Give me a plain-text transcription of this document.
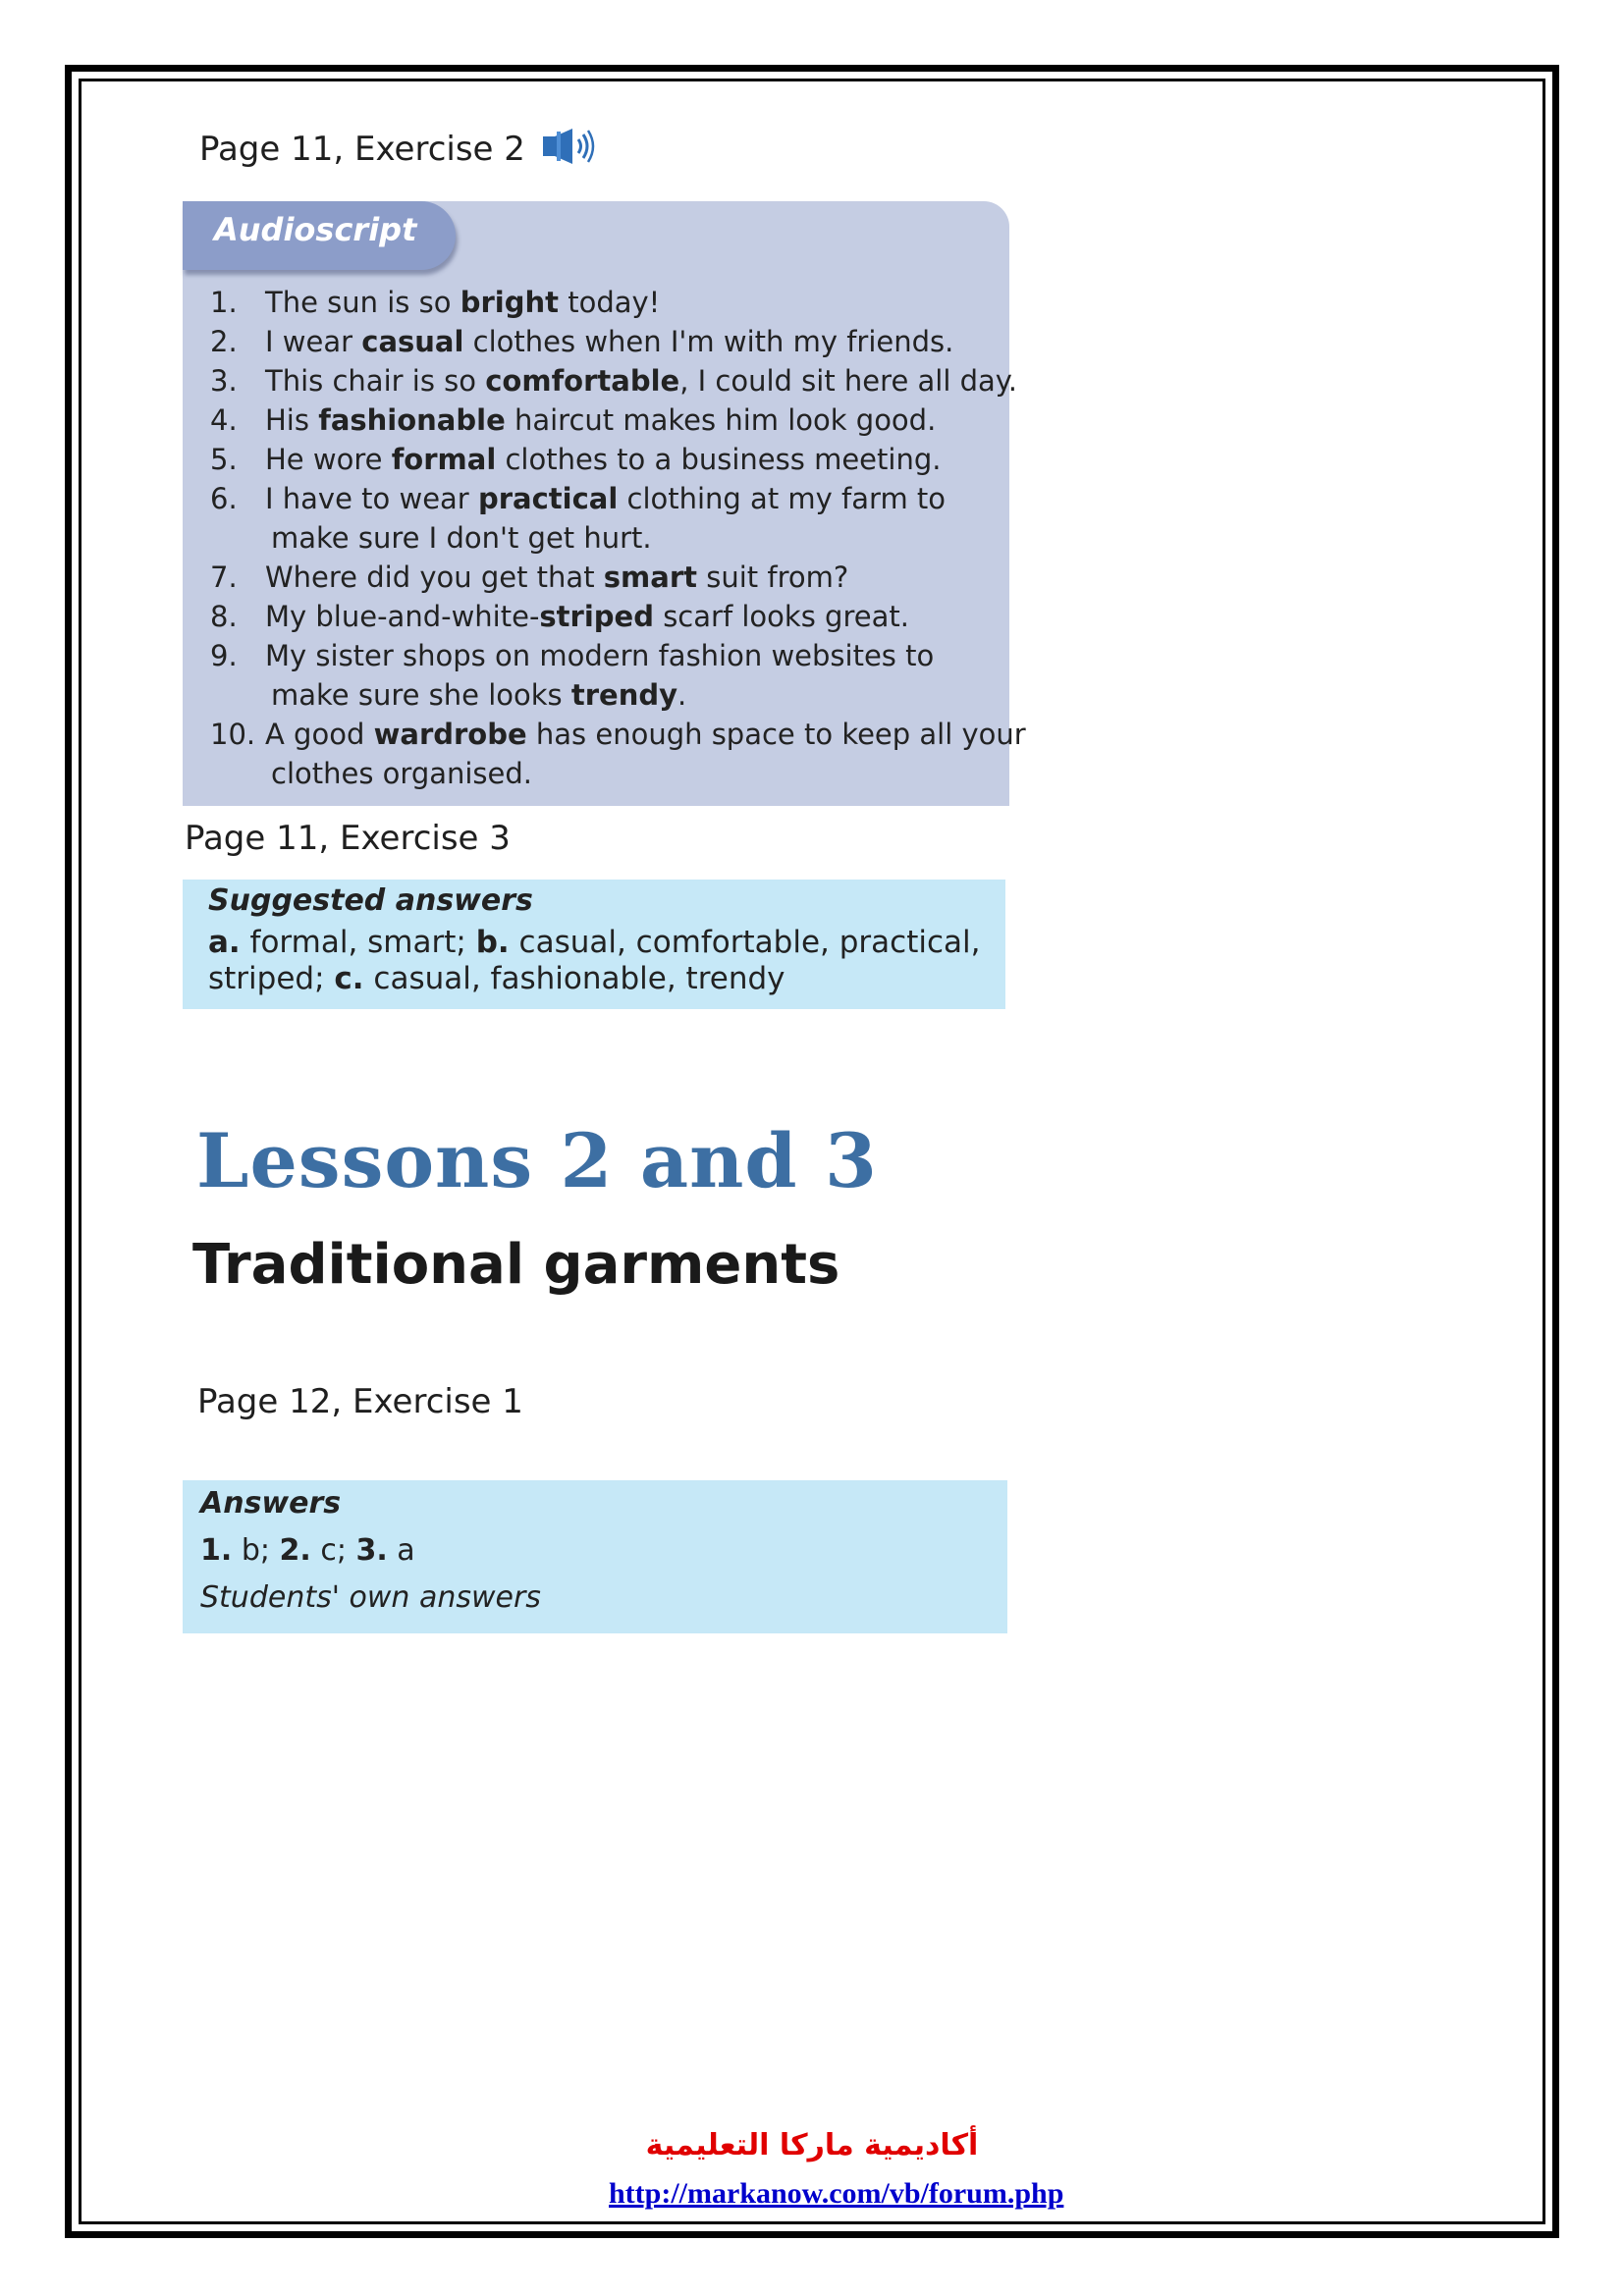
Page 11, Exercise 2
Audioscript
1. The sun is so bright today!
2. I wear casual clothes when I'm with my friends.
3. This chair is so comfortable, I could sit here all day.
4. His fashionable haircut makes him look good.
5. He wore formal clothes to a business meeting.
6. I have to wear practical clothing at my farm to
make sure I don't get hurt.
7. Where did you get that smart suit from?
8. My blue-and-white-striped scarf looks great.
9. My sister shops on modern fashion websites to
make sure she looks trendy.
10. A good wardrobe has enough space to keep all your
clothes organised.
Page 11, Exercise 3
Suggested answers
a. formal, smart; b. casual, comfortable, practical, striped; c. casual, fashionable, trendy
Lessons 2 and 3
Traditional garments
Page 12, Exercise 1
Answers
1. b; 2. c; 3. a
Students' own answers
أكاديمية ماركا التعليمية
http://markanow.com/vb/forum.php
